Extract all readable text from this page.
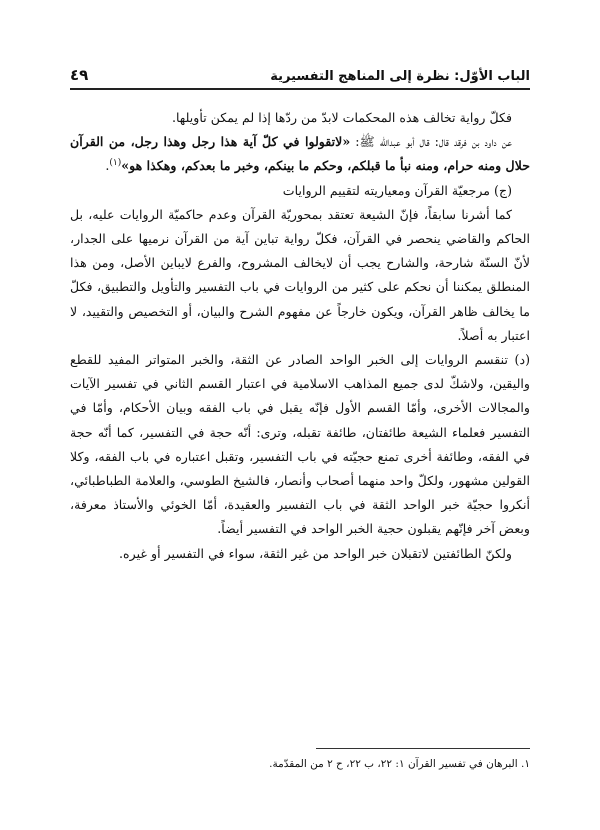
٤٩	الباب الأوّل: نظرة إلى المناهج التفسيرية

فكلّ رواية تخالف هذه المحكمات لابدّ من ردّها إذا لم يمكن تأويلها.

عن داود بن فرقد قال: قال أبو عبدالله ﷺ: «لاتقولوا في كلّ آية هذا رجل وهذا رجل، من القرآن حلال ومنه حرام، ومنه نبأ ما قبلكم، وحكم ما بينكم، وخبر ما بعدكم، وهكذا هو»$^{(١)}$.

(ج) مرجعيّة القرآن ومعياريته لتقييم الروايات

كما أشرنا سابقاً، فإنّ الشيعة تعتقد بمحوريّة القرآن وعدم حاكميّة الروايات عليه، بل الحاكم والقاضي ينحصر في القرآن، فكلّ رواية تباين آية من القرآن نرميها على الجدار، لأنّ السنّة شارحة، والشارح يجب أن لايخالف المشروح، والفرع لايباين الأصل، ومن هذا المنطلق يمكننا أن نحكم على كثير من الروايات في باب التفسير والتأويل والتطبيق، فكلّ ما يخالف ظاهر القرآن، ويكون خارجاً عن مفهوم الشرح والبيان، أو التخصيص والتقييد، لا اعتبار به أصلاً.

(د) تنقسم الروايات إلى الخبر الواحد الصادر عن الثقة، والخبر المتواتر المفيد للقطع واليقين، ولاشكّ لدى جميع المذاهب الاسلامية في اعتبار القسم الثاني في تفسير الآيات والمجالات الأخرى، وأمّا القسم الأول فإنّه يقبل في باب الفقه وبيان الأحكام، وأمّا في التفسير فعلماء الشيعة طائفتان، طائفة تقبله، وترى: أنّه حجة في التفسير، كما أنّه حجة في الفقه، وطائفة أخرى تمنع حجيّته في باب التفسير، وتقبل اعتباره في باب الفقه، وكلا القولين مشهور، ولكلّ واحد منهما أصحاب وأنصار، فالشيخ الطوسي، والعلامة الطباطبائي، أنكروا حجيّة خبر الواحد الثقة في باب التفسير والعقيدة، أمّا الخوئي والأستاذ معرفة، وبعض آخر فإنّهم يقبلون حجية الخبر الواحد في التفسير أيضاً.

ولكنّ الطائفتين لاتقبلان خبر الواحد من غير الثقة، سواء في التفسير أو غيره.

١. البرهان في تفسير القرآن ١: ٢٢، ب ٢٢، ح ٢ من المقدّمة.
